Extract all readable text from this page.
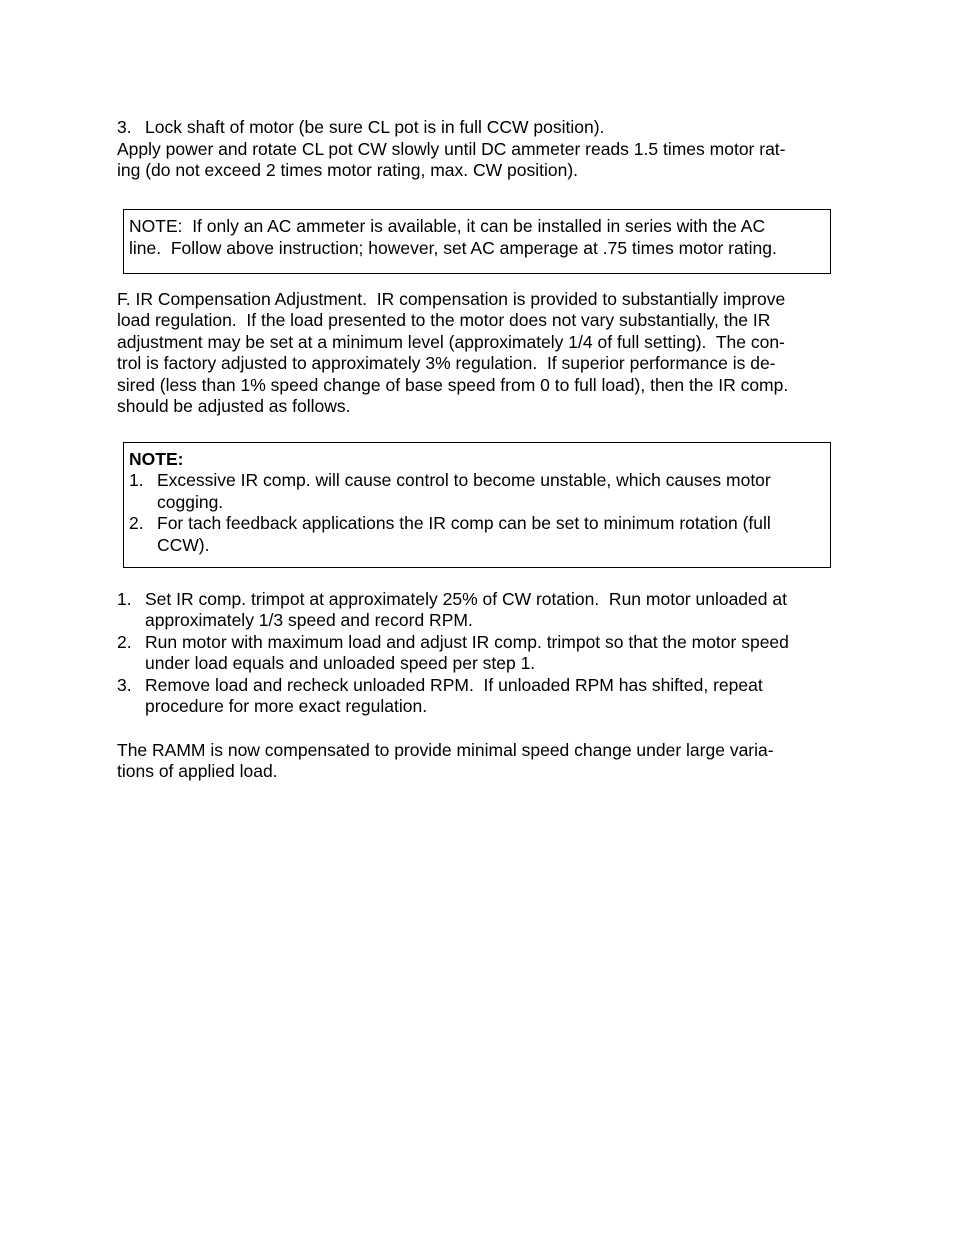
3. Lock shaft of motor (be sure CL pot is in full CCW position).
Apply power and rotate CL pot CW slowly until DC ammeter reads 1.5 times motor rat-
ing (do not exceed 2 times motor rating, max. CW position).
NOTE:  If only an AC ammeter is available, it can be installed in series with the AC
line.  Follow above instruction; however, set AC amperage at .75 times motor rating.
F. IR Compensation Adjustment.  IR compensation is provided to substantially improve
load regulation.  If the load presented to the motor does not vary substantially, the IR
adjustment may be set at a minimum level (approximately 1/4 of full setting).  The con-
trol is factory adjusted to approximately 3% regulation.  If superior performance is de-
sired (less than 1% speed change of base speed from 0 to full load), then the IR comp.
should be adjusted as follows.
NOTE:
1. Excessive IR comp. will cause control to become unstable, which causes motor
cogging.
2. For tach feedback applications the IR comp can be set to minimum rotation (full
CCW).
1. Set IR comp. trimpot at approximately 25% of CW rotation.  Run motor unloaded at
approximately 1/3 speed and record RPM.
2. Run motor with maximum load and adjust IR comp. trimpot so that the motor speed
under load equals and unloaded speed per step 1.
3. Remove load and recheck unloaded RPM.  If unloaded RPM has shifted, repeat
procedure for more exact regulation.
The RAMM is now compensated to provide minimal speed change under large varia-
tions of applied load.
